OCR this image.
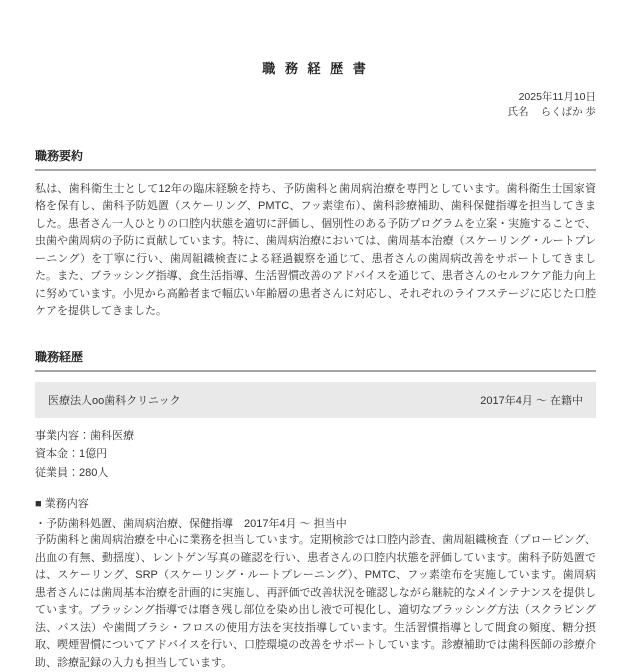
職 務 経 歴 書
2025年11月10日
氏名 らくぱか 歩
職務要約

私は、歯科衛生士として12年の臨床経験を持ち、予防歯科と歯周病治療を専門としています。歯科衛生士国家資格を保有し、歯科予防処置（スケーリング、PMTC、フッ素塗布）、歯科診療補助、歯科保健指導を担当してきました。患者さん一人ひとりの口腔内状態を適切に評価し、個別性のある予防プログラムを立案・実施することで、虫歯や歯周病の予防に貢献しています。特に、歯周病治療においては、歯周基本治療（スケーリング・ルートプレーニング）を丁寧に行い、歯周組織検査による経過観察を通じて、患者さんの歯周病改善をサポートしてきました。また、ブラッシング指導、食生活指導、生活習慣改善のアドバイスを通じて、患者さんのセルフケア能力向上に努めています。小児から高齢者まで幅広い年齢層の患者さんに対応し、それぞれのライフステージに応じた口腔ケアを提供してきました。

職務経歴
医療法人oo歯科クリニック	2017年4月 〜 在籍中
事業内容：歯科医療
資本金：1億円
従業員：280人
■ 業務内容
・予防歯科処置、歯周病治療、保健指導　2017年4月 〜 担当中

予防歯科と歯周病治療を中心に業務を担当しています。定期検診では口腔内診査、歯周組織検査（プロービング、出血の有無、動揺度）、レントゲン写真の確認を行い、患者さんの口腔内状態を評価しています。歯科予防処置では、スケーリング、SRP（スケーリング・ルートプレーニング）、PMTC、フッ素塗布を実施しています。歯周病患者さんには歯周基本治療を計画的に実施し、再評価で改善状況を確認しながら継続的なメインテナンスを提供しています。ブラッシング指導では磨き残し部位を染め出し液で可視化し、適切なブラッシング方法（スクラビング法、バス法）や歯間ブラシ・フロスの使用方法を実技指導しています。生活習慣指導として間食の頻度、糖分摂取、喫煙習慣についてアドバイスを行い、口腔環境の改善をサポートしています。診療補助では歯科医師の診療介助、診療記録の入力も担当しています。
